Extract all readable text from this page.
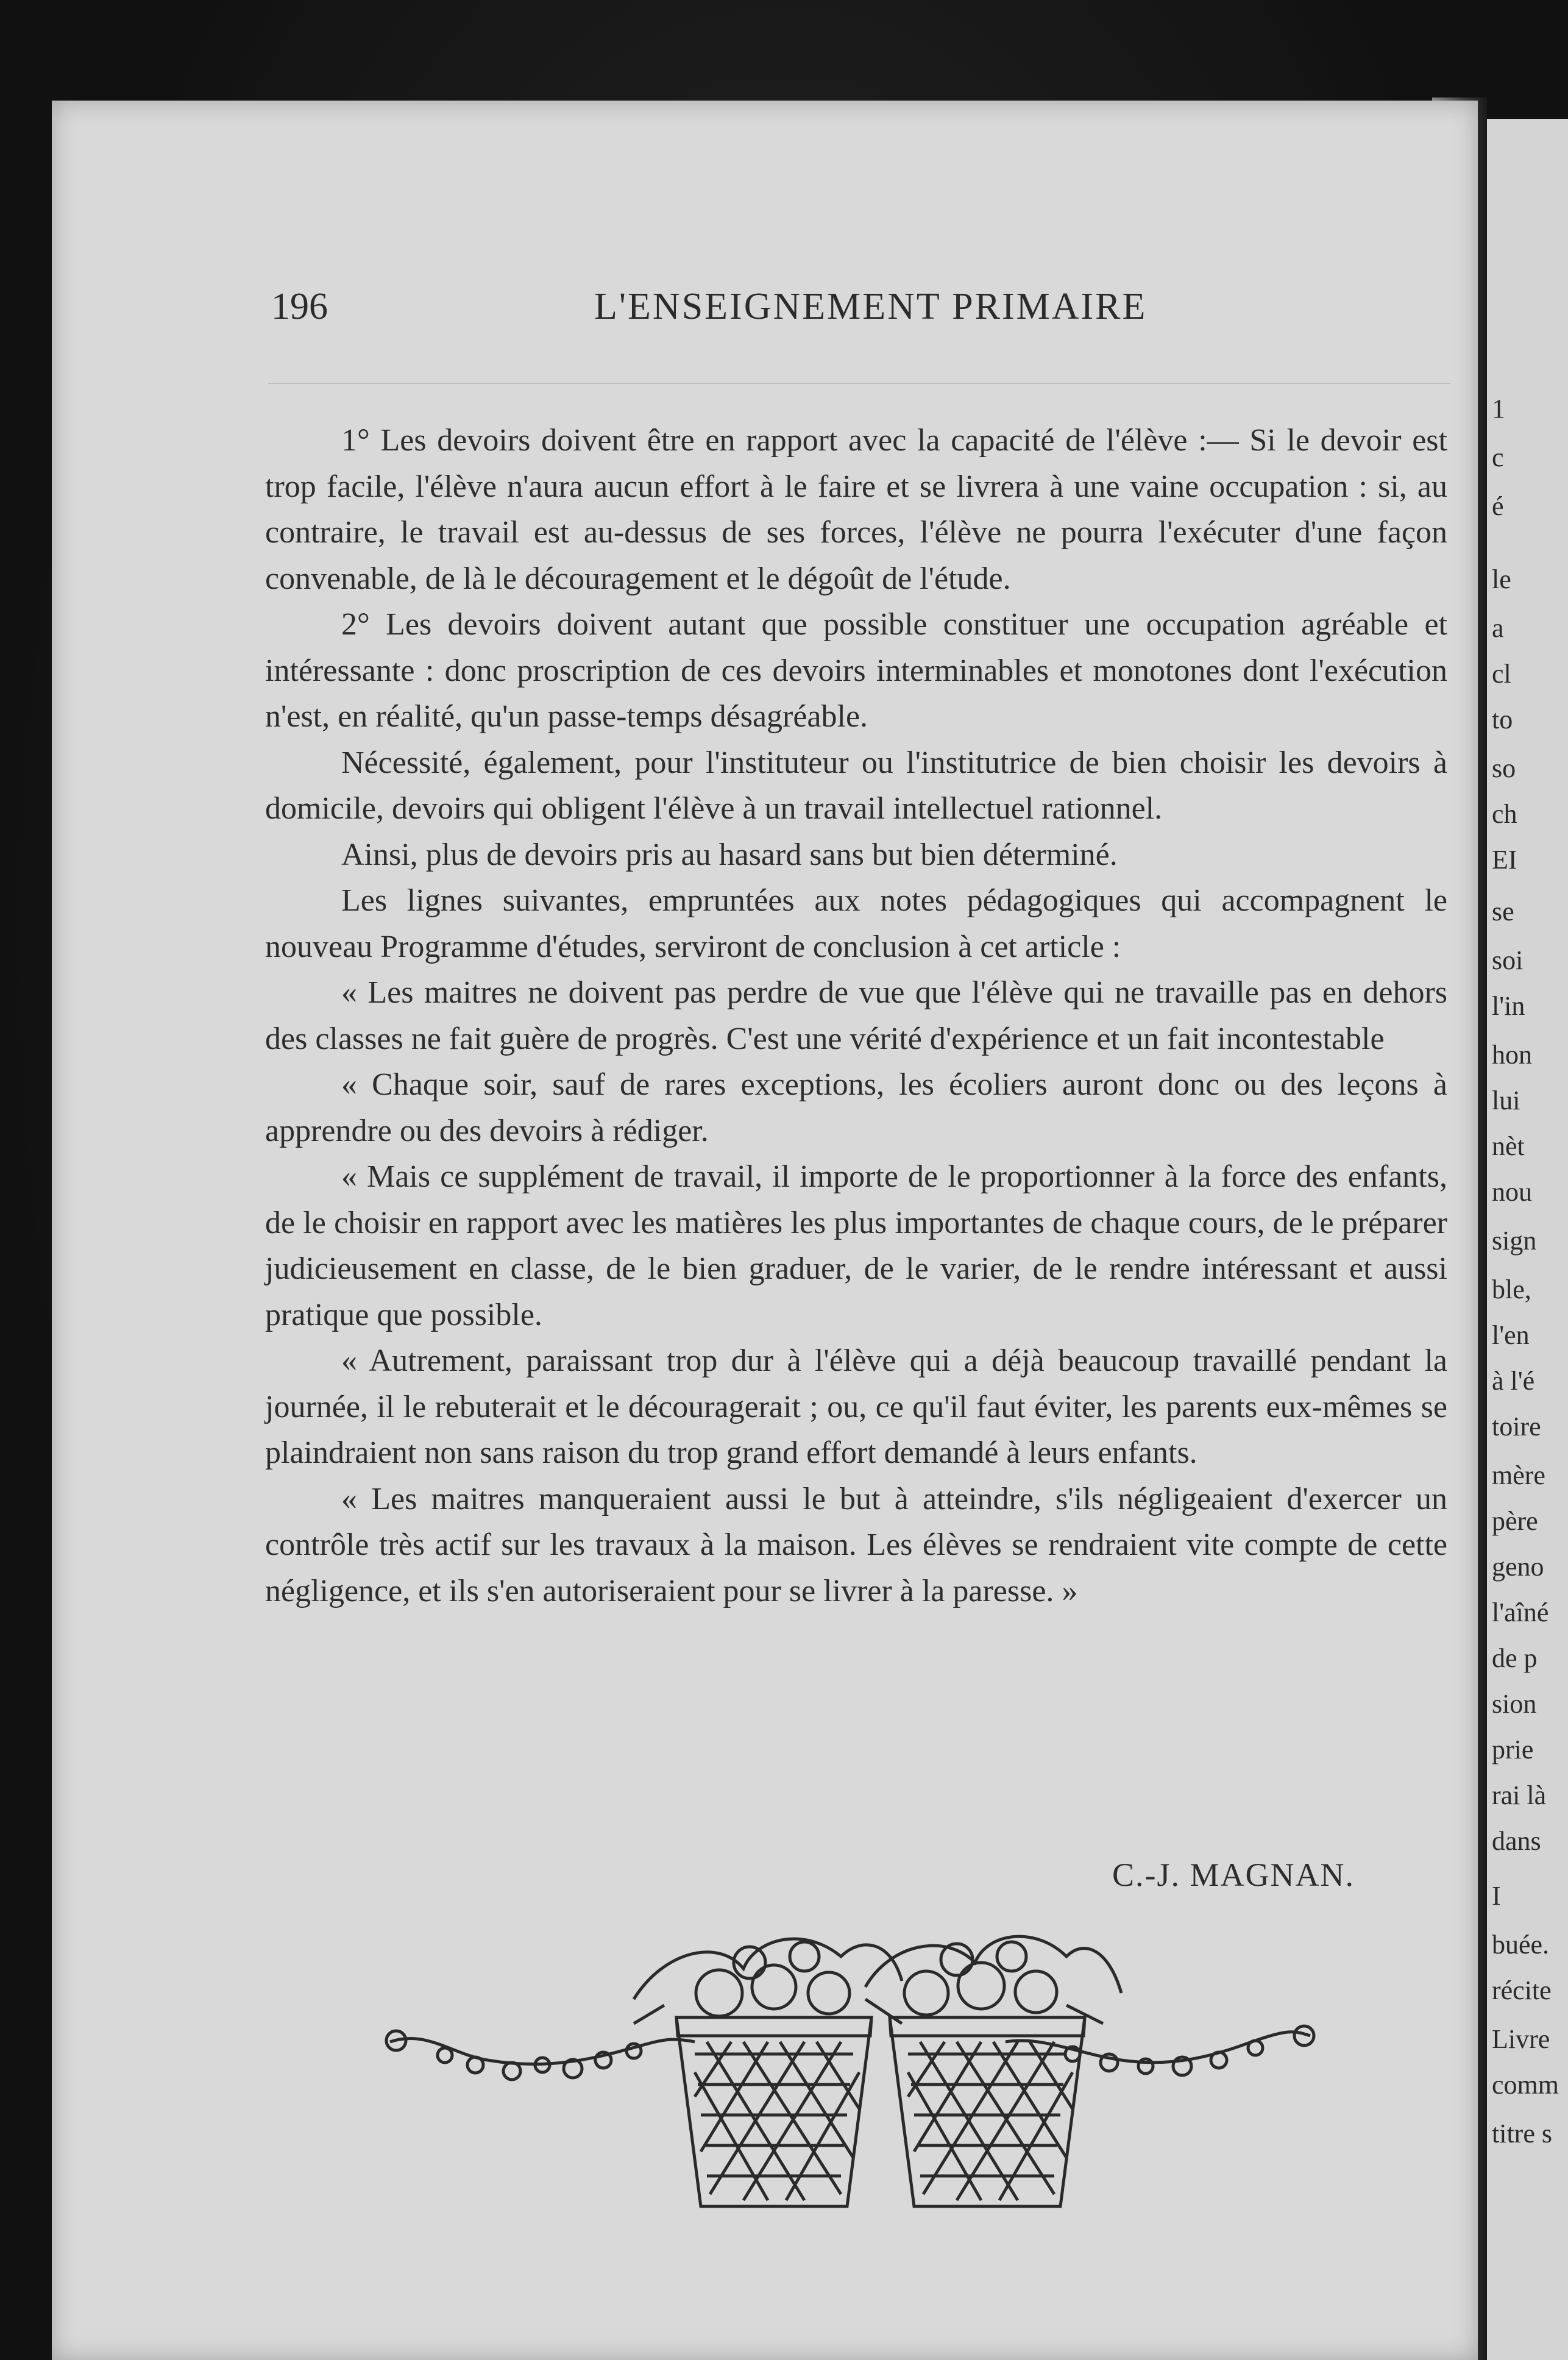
1
c
é
le
a
cl
to
so
ch
EI
se
soi
l'in
hon
lui
nèt
nou
sign
ble,
l'en
à l'é
toire
mère
père
geno
l'aîné
de p
sion
prie
rai là
dans
I
buée.
récite
Livre
comm
titre s
196	L'ENSEIGNEMENT PRIMAIRE

1° Les devoirs doivent être en rapport avec la capacité de l'élève :— Si le devoir est trop facile, l'élève n'aura aucun effort à le faire et se livrera à une vaine occupation : si, au contraire, le travail est au-dessus de ses forces, l'élève ne pourra l'exécuter d'une façon convenable, de là le découragement et le dégoût de l'étude.

2° Les devoirs doivent autant que possible constituer une occupation agréable et intéressante : donc proscription de ces devoirs interminables et monotones dont l'exécution n'est, en réalité, qu'un passe-temps désagréable.

Nécessité, également, pour l'instituteur ou l'institutrice de bien choisir les devoirs à domicile, devoirs qui obligent l'élève à un travail intellectuel rationnel.

Ainsi, plus de devoirs pris au hasard sans but bien déterminé.

Les lignes suivantes, empruntées aux notes pédagogiques qui accompagnent le nouveau Programme d'études, serviront de conclusion à cet article :

« Les maitres ne doivent pas perdre de vue que l'élève qui ne travaille pas en dehors des classes ne fait guère de progrès. C'est une vérité d'expérience et un fait incontestable

« Chaque soir, sauf de rares exceptions, les écoliers auront donc ou des leçons à apprendre ou des devoirs à rédiger.

« Mais ce supplément de travail, il importe de le proportionner à la force des enfants, de le choisir en rapport avec les matières les plus importantes de chaque cours, de le préparer judicieusement en classe, de le bien graduer, de le varier, de le rendre intéressant et aussi pratique que possible.

« Autrement, paraissant trop dur à l'élève qui a déjà beaucoup travaillé pendant la journée, il le rebuterait et le découragerait ; ou, ce qu'il faut éviter, les parents eux-mêmes se plaindraient non sans raison du trop grand effort demandé à leurs enfants.

« Les maitres manqueraient aussi le but à atteindre, s'ils négligeaient d'exercer un contrôle très actif sur les travaux à la maison. Les élèves se rendraient vite compte de cette négligence, et ils s'en autoriseraient pour se livrer à la paresse. »

C.-J. MAGNAN.
